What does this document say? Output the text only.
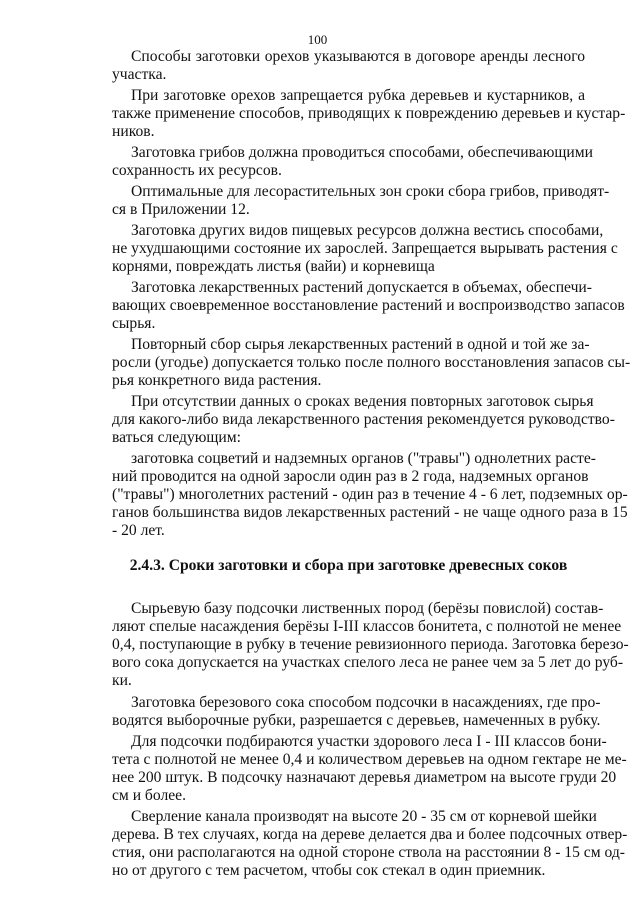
100
Способы заготовки орехов указываются в договоре аренды лесного
участка.
При заготовке орехов запрещается рубка деревьев и кустарников, а
также применение способов, приводящих к повреждению деревьев и кустар-
ников.
Заготовка грибов должна проводиться способами, обеспечивающими
сохранность их ресурсов.
Оптимальные для лесорастительных зон сроки сбора грибов, приводят-
ся в Приложении 12.
Заготовка других видов пищевых ресурсов должна вестись способами,
не ухудшающими состояние их зарослей. Запрещается вырывать растения с
корнями, повреждать листья (вайи) и корневища
Заготовка лекарственных растений допускается в объемах, обеспечи-
вающих своевременное восстановление растений и воспроизводство запасов
сырья.
Повторный сбор сырья лекарственных растений в одной и той же за-
росли (угодье) допускается только после полного восстановления запасов сы-
рья конкретного вида растения.
При отсутствии данных о сроках ведения повторных заготовок сырья
для какого-либо вида лекарственного растения рекомендуется руководство-
ваться следующим:
заготовка соцветий и надземных органов ("травы") однолетних расте-
ний проводится на одной заросли один раз в 2 года, надземных органов
("травы") многолетних растений - один раз в течение 4 - 6 лет, подземных ор-
ганов большинства видов лекарственных растений - не чаще одного раза в 15
- 20 лет.
2.4.3. Сроки заготовки и сбора при заготовке древесных соков
Сырьевую базу подсочки лиственных пород (берёзы повислой) состав-
ляют спелые насаждения берёзы I-III классов бонитета, с полнотой не менее
0,4, поступающие в рубку в течение ревизионного периода. Заготовка березо-
вого сока допускается на участках спелого леса не ранее чем за 5 лет до руб-
ки.
Заготовка березового сока способом подсочки в насаждениях, где про-
водятся выборочные рубки, разрешается с деревьев, намеченных в рубку.
Для подсочки подбираются участки здорового леса I - III классов бони-
тета с полнотой не менее 0,4 и количеством деревьев на одном гектаре не ме-
нее 200 штук. В подсочку назначают деревья диаметром на высоте груди 20
см и более.
Сверление канала производят на высоте 20 - 35 см от корневой шейки
дерева. В тех случаях, когда на дереве делается два и более подсочных отвер-
стия, они располагаются на одной стороне ствола на расстоянии 8 - 15 см од-
но от другого с тем расчетом, чтобы сок стекал в один приемник.
